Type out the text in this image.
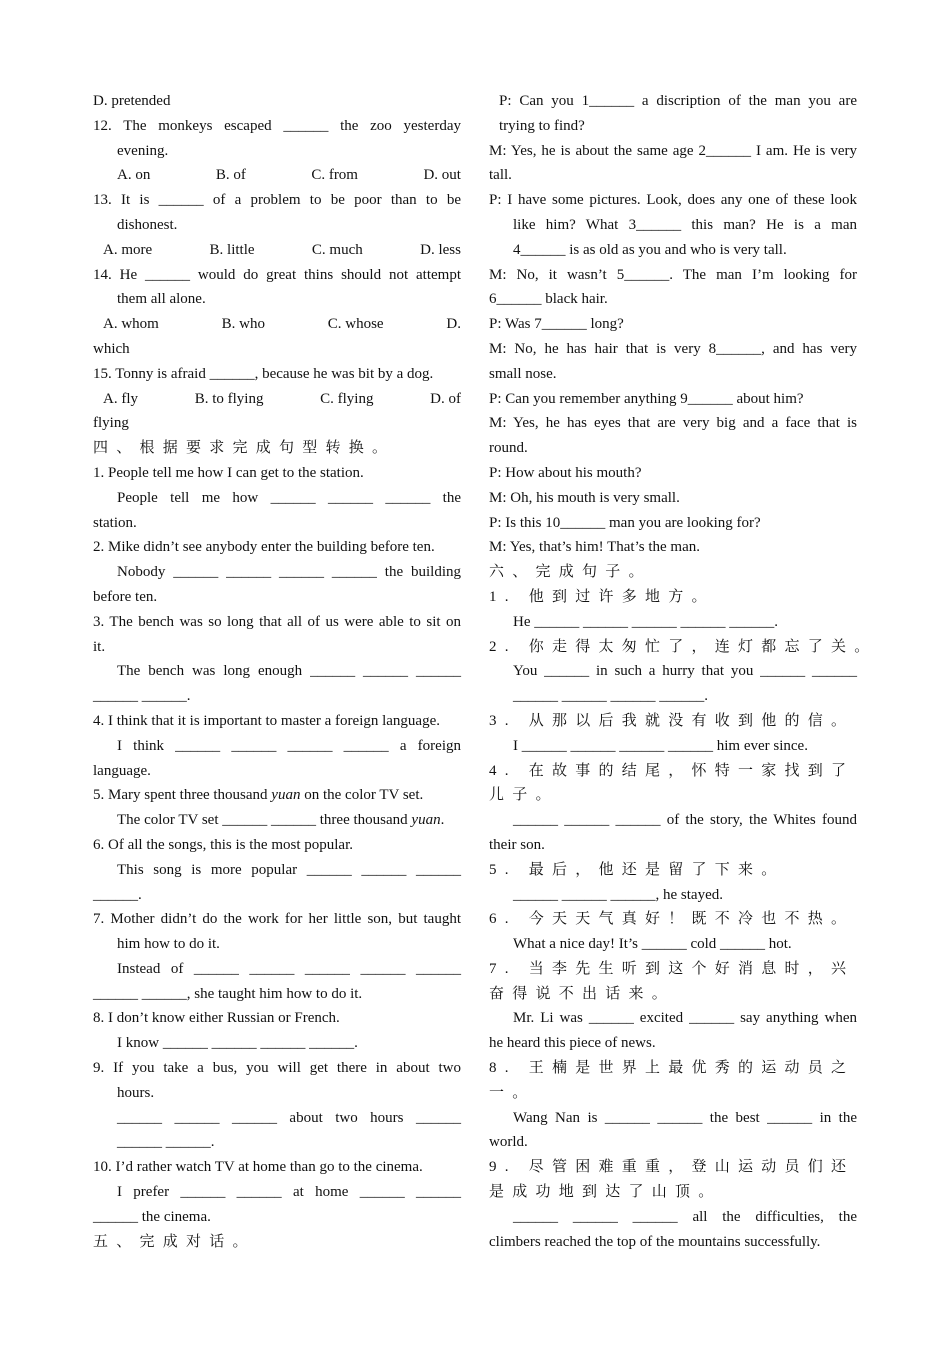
D. pretended
12. The monkeys escaped ______ the zoo yesterday
evening.
A. on	B. of	C. from	D. out
13. It is ______ of a problem to be poor than to be
dishonest.
A. more	B. little	C. much	D. less
14. He ______ would do great thins should not attempt
them all alone.
A. whom	B. who	C. whose	D.
which
15. Tonny is afraid ______, because he was bit by a dog.
A. fly	B. to flying	C. flying	D. of
flying
四、根据要求完成句型转换。
1. People tell me how I can get to the station.
People tell me how ______ ______ ______ the
station.
2. Mike didn’t see anybody enter the building before ten.
Nobody ______ ______ ______ ______ the building
before ten.
3. The bench was so long that all of us were able to sit on
it.
The bench was long enough ______ ______ ______
______ ______.
4. I think that it is important to master a foreign language.
I think ______ ______ ______ ______ a foreign
language.
5. Mary spent three thousand yuan on the color TV set.
The color TV set ______ ______ three thousand yuan.
6. Of all the songs, this is the most popular.
This song is more popular ______ ______ ______
______.
7. Mother didn’t do the work for her little son, but taught
him how to do it.
Instead of ______ ______ ______ ______ ______
______ ______, she taught him how to do it.
8. I don’t know either Russian or French.
I know ______ ______ ______ ______.
9. If you take a bus, you will get there in about two
hours.
______ ______ ______ about two hours ______
______ ______.
10. I’d rather watch TV at home than go to the cinema.
I prefer ______ ______ at home ______ ______
______ the cinema.
五、完成对话。
P: Can you 1______ a discription of the man you are
trying to find?
M: Yes, he is about the same age 2______ I am. He is very
tall.
P: I have some pictures. Look, does any one of these look
like him? What 3______ this man? He is a man
4______ is as old as you and who is very tall.
M: No, it wasn’t 5______. The man I’m looking for
6______ black hair.
P: Was 7______ long?
M: No, he has hair that is very 8______, and has very
small nose.
P: Can you remember anything 9______ about him?
M: Yes, he has eyes that are very big and a face that is
round.
P: How about his mouth?
M: Oh, his mouth is very small.
P: Is this 10______ man you are looking for?
M: Yes, that’s him! That’s the man.
六、完成句子。
1. 他到过许多地方。
He ______ ______ ______ ______ ______.
2. 你走得太匆忙了，连灯都忘了关。
You ______ in such a hurry that you ______ ______
______ ______ ______ ______.
3. 从那以后我就没有收到他的信。
I ______ ______ ______ ______ him ever since.
4. 在故事的结尾，怀特一家找到了
儿子。
______ ______ ______ of the story, the Whites found
their son.
5. 最后，他还是留了下来。
______ ______ ______, he stayed.
6. 今天天气真好！既不冷也不热。
What a nice day! It’s ______ cold ______ hot.
7. 当李先生听到这个好消息时，兴
奋得说不出话来。
Mr. Li was ______ excited ______ say anything when
he heard this piece of news.
8. 王楠是世界上最优秀的运动员之
一。
Wang Nan is ______ ______ the best ______ in the
world.
9. 尽管困难重重，登山运动员们还
是成功地到达了山顶。
______ ______ ______ all the difficulties, the
climbers reached the top of the mountains successfully.
